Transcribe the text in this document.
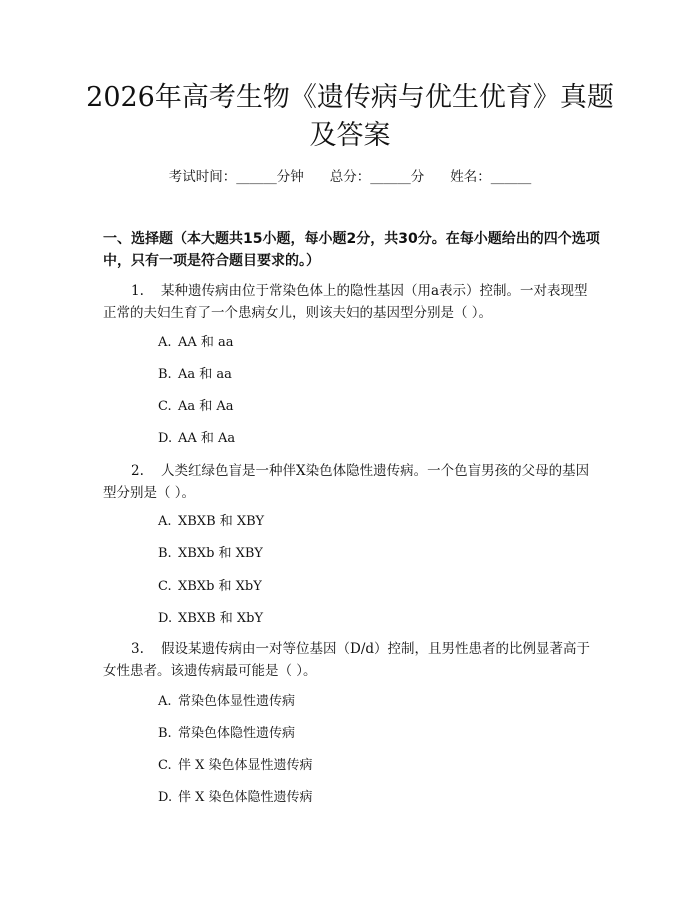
2026年高考生物《遗传病与优生优育》真题
及答案
考试时间：______分钟 总分：______分 姓名：______
一、选择题（本大题共15小题，每小题2分，共30分。在每小题给出的四个选项中，只有一项是符合题目要求的。）
1. 某种遗传病由位于常染色体上的隐性基因（用a表示）控制。一对表现型
正常的夫妇生育了一个患病女儿，则该夫妇的基因型分别是（ ）。
A. AA 和 aa
B. Aa 和 aa
C. Aa 和 Aa
D. AA 和 Aa
2. 人类红绿色盲是一种伴X染色体隐性遗传病。一个色盲男孩的父母的基因
型分别是（ ）。
A. XBXB 和 XBY
B. XBXb 和 XBY
C. XBXb 和 XbY
D. XBXB 和 XbY
3. 假设某遗传病由一对等位基因（D/d）控制，且男性患者的比例显著高于
女性患者。该遗传病最可能是（ ）。
A. 常染色体显性遗传病
B. 常染色体隐性遗传病
C. 伴 X 染色体显性遗传病
D. 伴 X 染色体隐性遗传病
